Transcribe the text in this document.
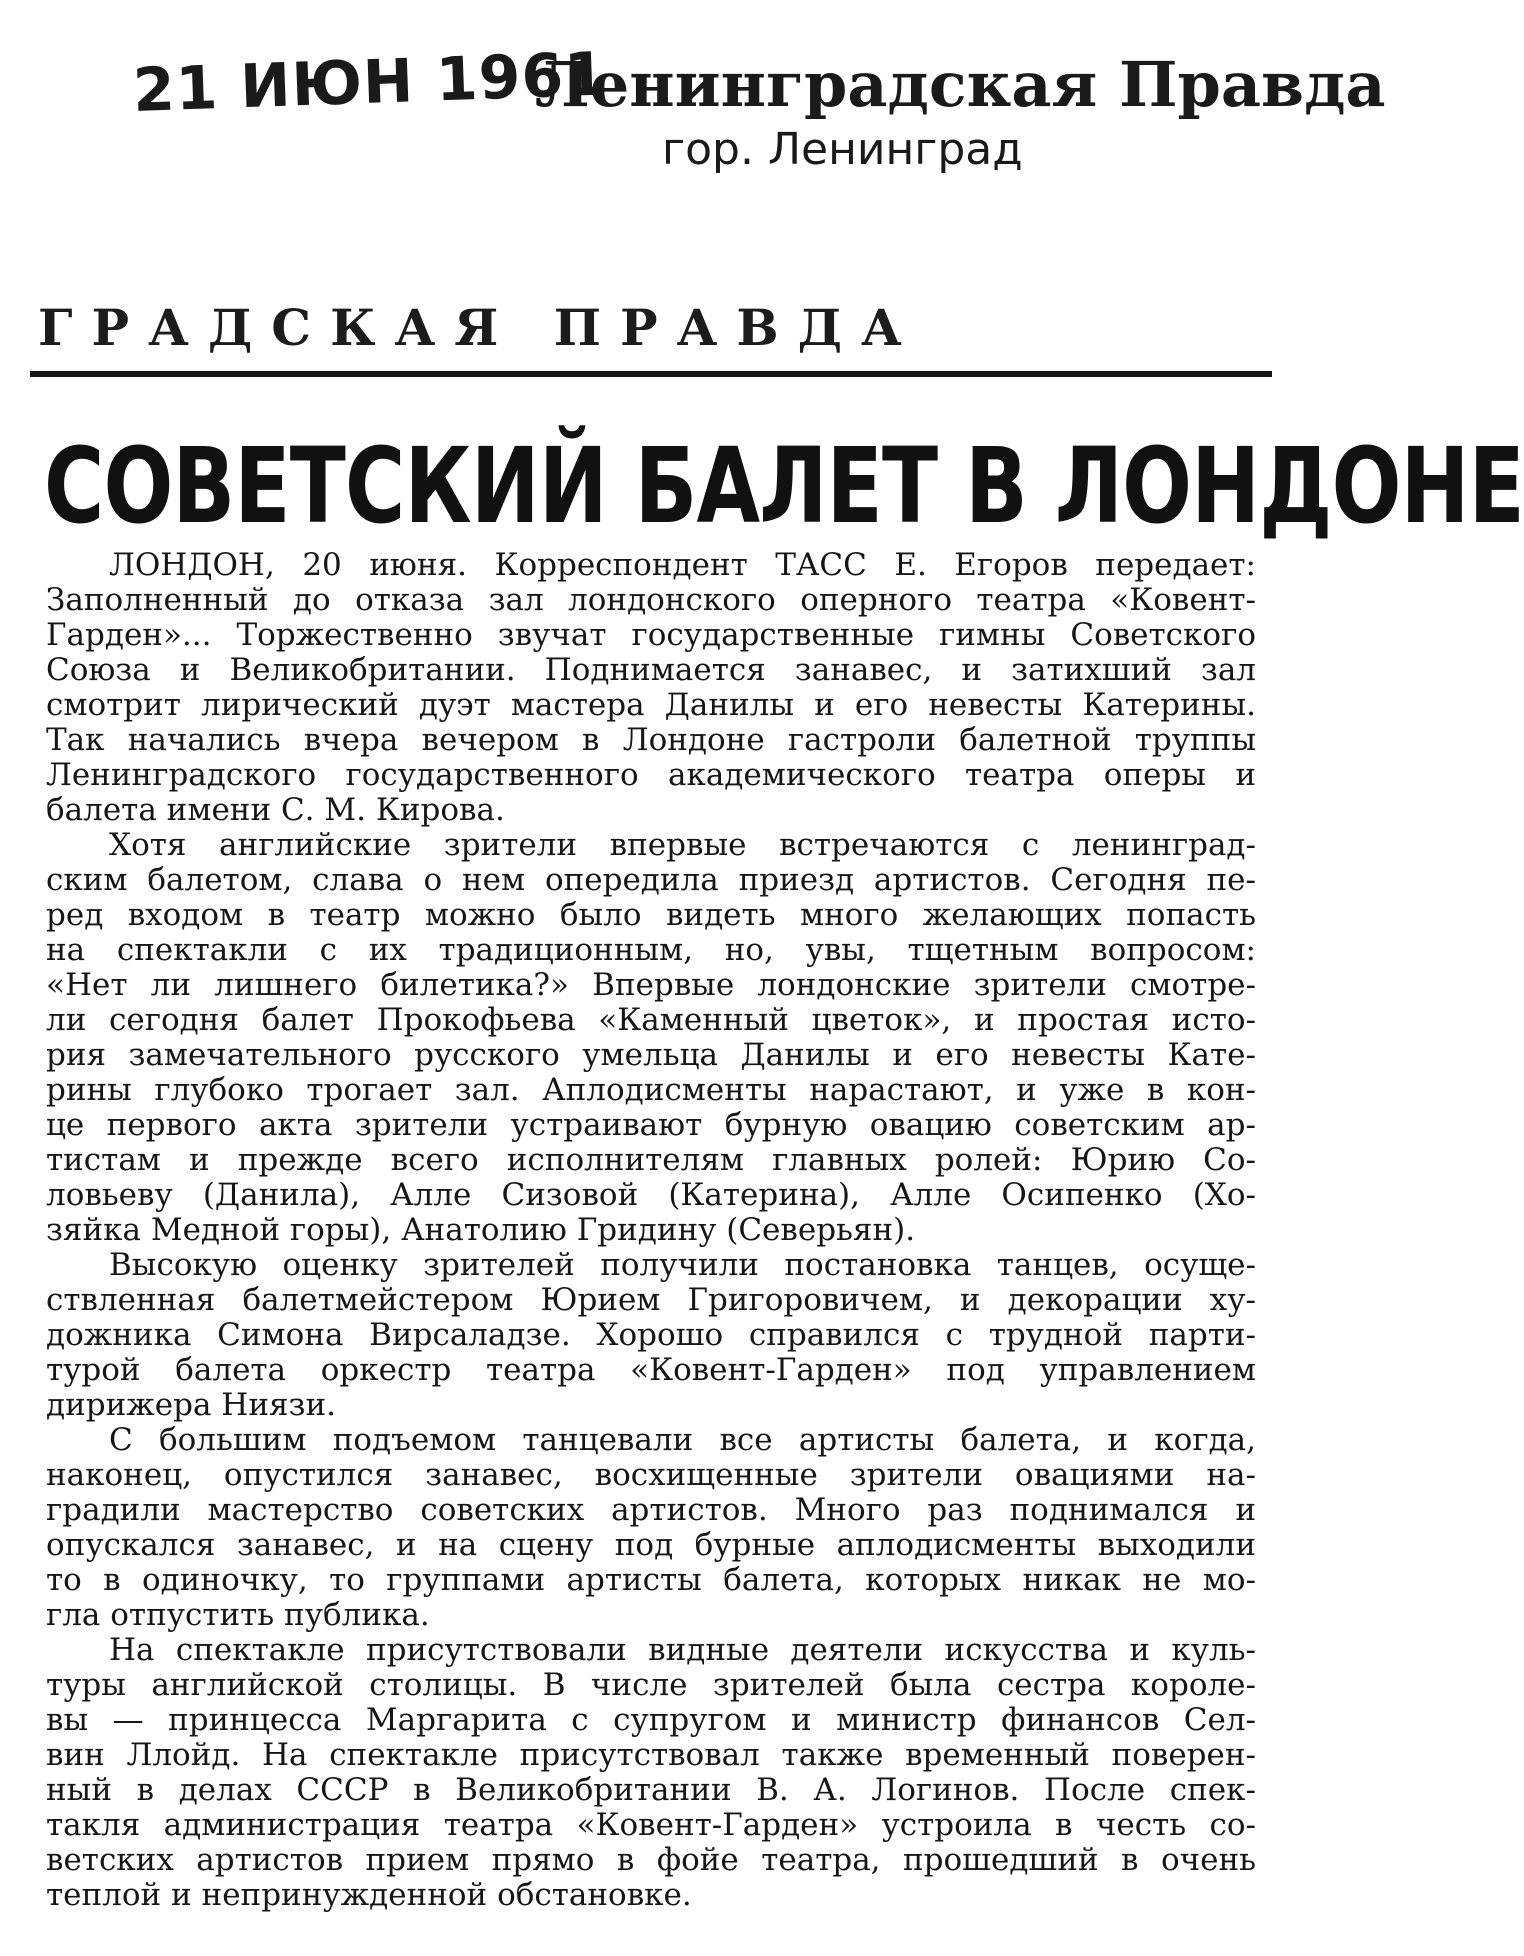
21 ИЮН 1961
Ленинградская Правда
гор. Ленинград
ГРАДСКАЯ ПРАВДА
СОВЕТСКИЙ БАЛЕТ В ЛОНДОНЕ
ЛОНДОН, 20 июня. Корреспондент ТАСС Е. Егоров передает:
Заполненный до отказа зал лондонского оперного театра «Ковент-
Гарден»... Торжественно звучат государственные гимны Советского
Союза и Великобритании. Поднимается занавес, и затихший зал
смотрит лирический дуэт мастера Данилы и его невесты Катерины.
Так начались вчера вечером в Лондоне гастроли балетной труппы
Ленинградского государственного академического театра оперы и
балета имени С. М. Кирова.
Хотя английские зрители впервые встречаются с ленинград-
ским балетом, слава о нем опередила приезд артистов. Сегодня пе-
ред входом в театр можно было видеть много желающих попасть
на спектакли с их традиционным, но, увы, тщетным вопросом:
«Нет ли лишнего билетика?» Впервые лондонские зрители смотре-
ли сегодня балет Прокофьева «Каменный цветок», и простая исто-
рия замечательного русского умельца Данилы и его невесты Кате-
рины глубоко трогает зал. Аплодисменты нарастают, и уже в кон-
це первого акта зрители устраивают бурную овацию советским ар-
тистам и прежде всего исполнителям главных ролей: Юрию Со-
ловьеву (Данила), Алле Сизовой (Катерина), Алле Осипенко (Хо-
зяйка Медной горы), Анатолию Гридину (Северьян).
Высокую оценку зрителей получили постановка танцев, осуще-
ствленная балетмейстером Юрием Григоровичем, и декорации ху-
дожника Симона Вирсаладзе. Хорошо справился с трудной парти-
турой балета оркестр театра «Ковент-Гарден» под управлением
дирижера Ниязи.
С большим подъемом танцевали все артисты балета, и когда,
наконец, опустился занавес, восхищенные зрители овациями на-
градили мастерство советских артистов. Много раз поднимался и
опускался занавес, и на сцену под бурные аплодисменты выходили
то в одиночку, то группами артисты балета, которых никак не мо-
гла отпустить публика.
На спектакле присутствовали видные деятели искусства и куль-
туры английской столицы. В числе зрителей была сестра короле-
вы — принцесса Маргарита с супругом и министр финансов Сел-
вин Ллойд. На спектакле присутствовал также временный поверен-
ный в делах СССР в Великобритании В. А. Логинов. После спек-
такля администрация театра «Ковент-Гарден» устроила в честь со-
ветских артистов прием прямо в фойе театра, прошедший в очень
теплой и непринужденной обстановке.
